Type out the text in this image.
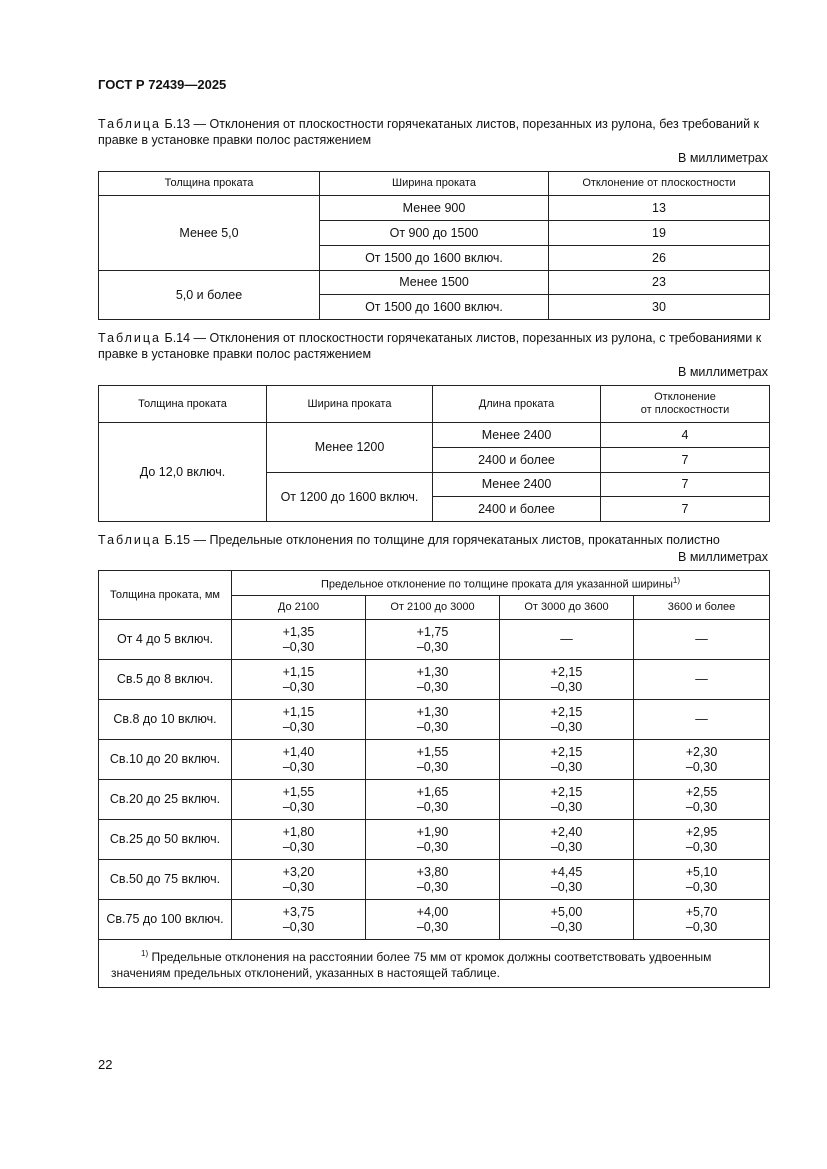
ГОСТ Р 72439—2025
Таблица Б.13 — Отклонения от плоскостности горячекатаных листов, порезанных из рулона, без требований к правке в установке правки полос растяжением
В миллиметрах
Толщина проката	Ширина проката	Отклонение от плоскостности
Менее 5,0	Менее 900	13
	От 900 до 1500	19
	От 1500 до 1600 включ.	26
5,0 и более	Менее 1500	23
	От 1500 до 1600 включ.	30
Таблица Б.14 — Отклонения от плоскостности горячекатаных листов, порезанных из рулона, с требованиями к правке в установке правки полос растяжением
В миллиметрах
Толщина проката	Ширина проката	Длина проката	Отклонение
от плоскостности
До 12,0 включ.	Менее 1200	Менее 2400	4
		2400 и более	7
	От 1200 до 1600 включ.	Менее 2400	7
		2400 и более	7
Таблица Б.15 — Предельные отклонения по толщине для горячекатаных листов, прокатанных полистно
В миллиметрах
Толщина проката, мм	Предельное отклонение по толщине проката для указанной ширины$^{1)}$
	До 2100	От 2100 до 3000	От 3000 до 3600	3600 и более
От 4 до 5 включ.	+1,35
–0,30	+1,75
–0,30	—	—
Св.5 до 8 включ.	+1,15
–0,30	+1,30
–0,30	+2,15
–0,30	—
Св.8 до 10 включ.	+1,15
–0,30	+1,30
–0,30	+2,15
–0,30	—
Св.10 до 20 включ.	+1,40
–0,30	+1,55
–0,30	+2,15
–0,30	+2,30
–0,30
Св.20 до 25 включ.	+1,55
–0,30	+1,65
–0,30	+2,15
–0,30	+2,55
–0,30
Св.25 до 50 включ.	+1,80
–0,30	+1,90
–0,30	+2,40
–0,30	+2,95
–0,30
Св.50 до 75 включ.	+3,20
–0,30	+3,80
–0,30	+4,45
–0,30	+5,10
–0,30
Св.75 до 100 включ.	+3,75
–0,30	+4,00
–0,30	+5,00
–0,30	+5,70
–0,30
$^{1)}$ Предельные отклонения на расстоянии более 75 мм от кромок должны соответствовать удвоенным значениям предельных отклонений, указанных в настоящей таблице.				
22
